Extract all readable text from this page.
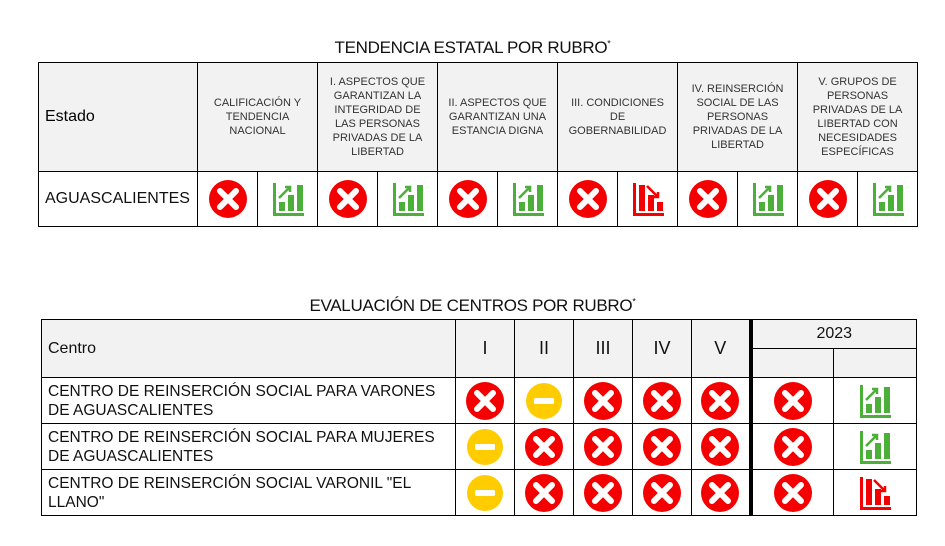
TENDENCIA ESTATAL POR RUBRO*
Estado	CALIFICACIÓN Y TENDENCIA NACIONAL		I. ASPECTOS QUE GARANTIZAN LA INTEGRIDAD DE LAS PERSONAS PRIVADAS DE LA LIBERTAD		II. ASPECTOS QUE GARANTIZAN UNA ESTANCIA DIGNA		III. CONDICIONES DE GOBERNABILIDAD		IV. REINSERCIÓN SOCIAL DE LAS PERSONAS PRIVADAS DE LA LIBERTAD		V. GRUPOS DE PERSONAS PRIVADAS DE LA LIBERTAD CON NECESIDADES ESPECÍFICAS	
AGUASCALIENTES												
EVALUACIÓN DE CENTROS POR RUBRO*
Centro	I	II	III	IV	V	2023	

CENTRO DE REINSERCIÓN SOCIAL PARA VARONES DE AGUASCALIENTES							
CENTRO DE REINSERCIÓN SOCIAL PARA MUJERES DE AGUASCALIENTES							
CENTRO DE REINSERCIÓN SOCIAL VARONIL "EL LLANO"							
